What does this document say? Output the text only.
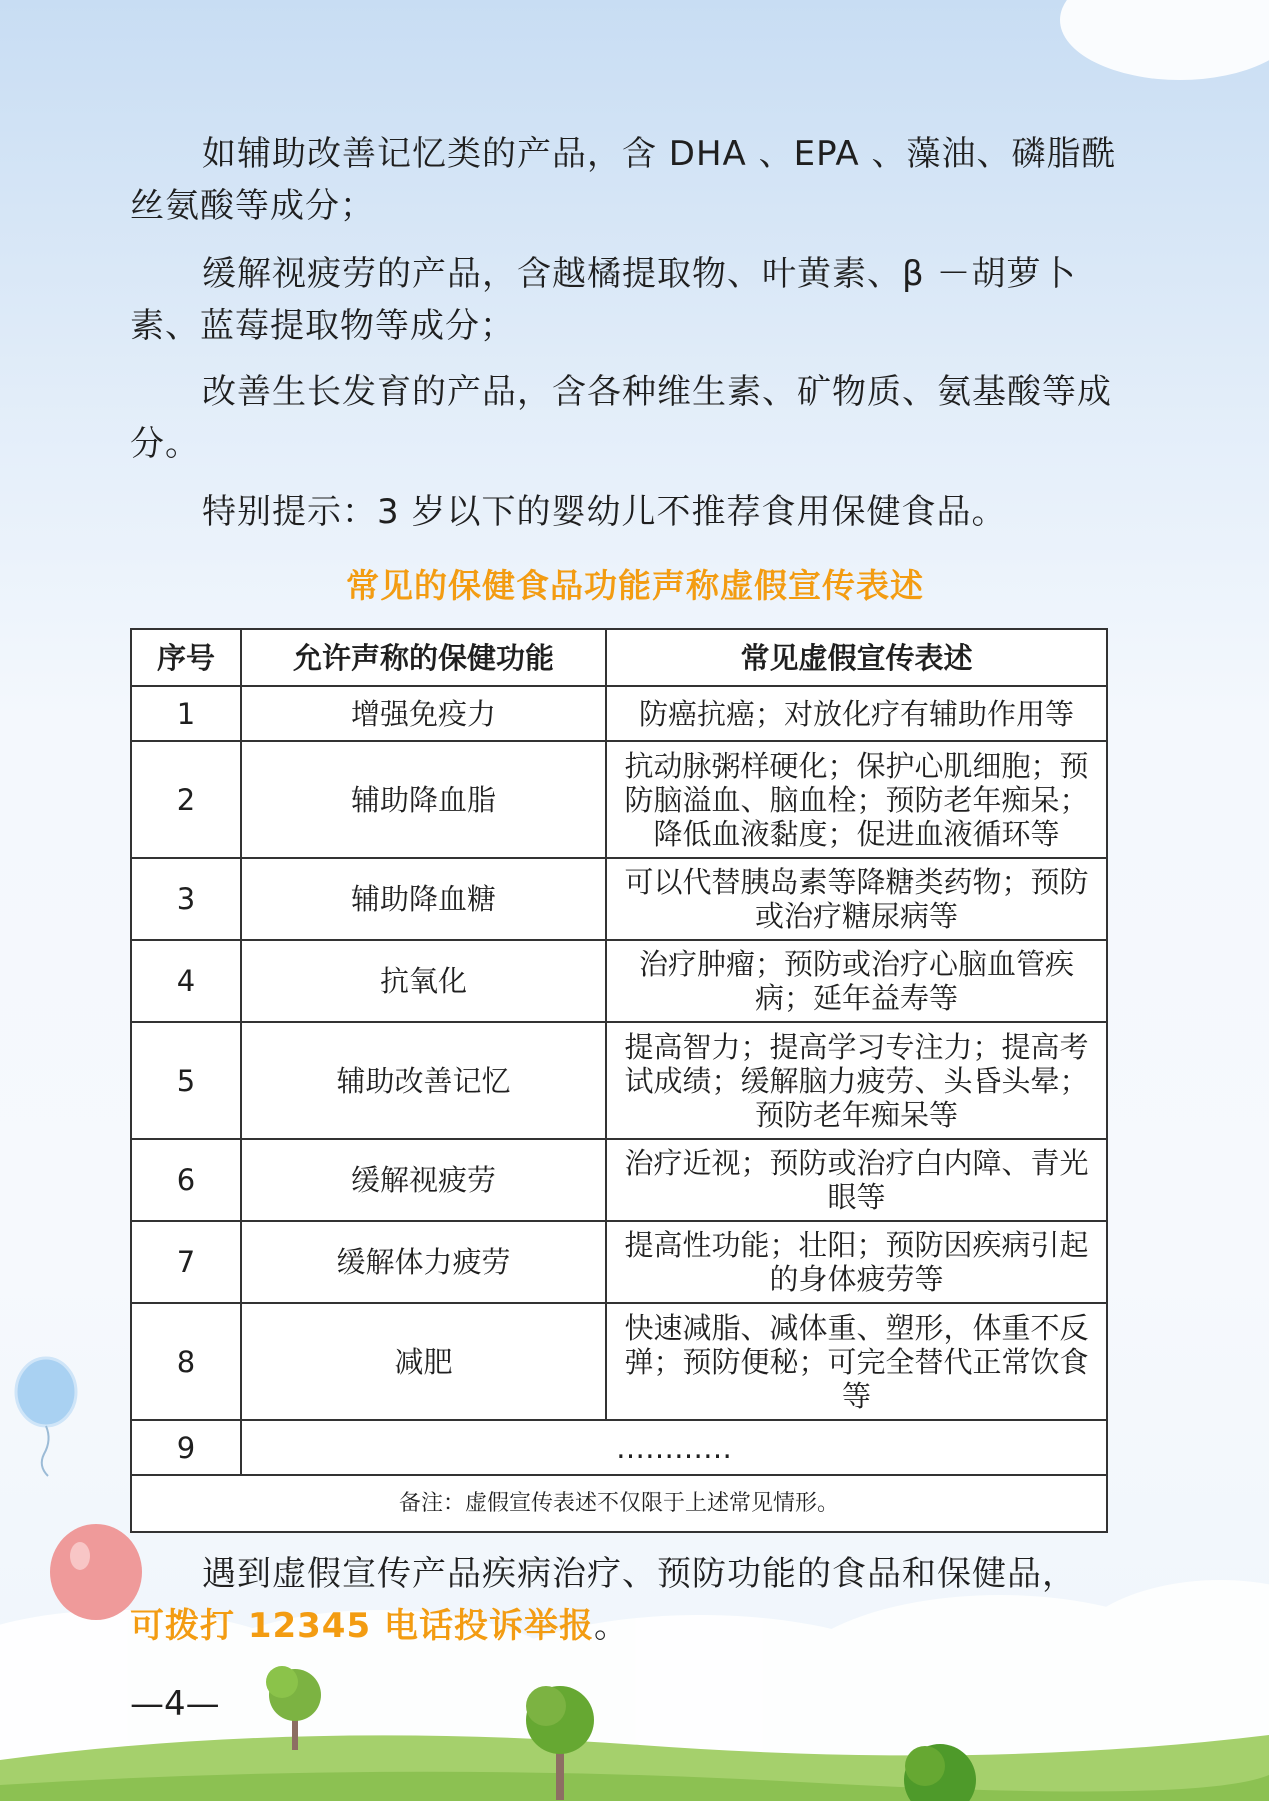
如辅助改善记忆类的产品，含 DHA 、EPA 、藻油、磷脂酰丝氨酸等成分；

缓解视疲劳的产品，含越橘提取物、叶黄素、β －胡萝卜素、蓝莓提取物等成分；

改善生长发育的产品，含各种维生素、矿物质、氨基酸等成分。

特别提示：3 岁以下的婴幼儿不推荐食用保健食品。

常见的保健食品功能声称虚假宣传表述
序号	允许声称的保健功能	常见虚假宣传表述
1	增强免疫力	防癌抗癌；对放化疗有辅助作用等
2	辅助降血脂	抗动脉粥样硬化；保护心肌细胞；预防脑溢血、脑血栓；预防老年痴呆；降低血液黏度；促进血液循环等
3	辅助降血糖	可以代替胰岛素等降糖类药物；预防或治疗糖尿病等
4	抗氧化	治疗肿瘤；预防或治疗心脑血管疾病；延年益寿等
5	辅助改善记忆	提高智力；提高学习专注力；提高考试成绩；缓解脑力疲劳、头昏头晕；预防老年痴呆等
6	缓解视疲劳	治疗近视；预防或治疗白内障、青光眼等
7	缓解体力疲劳	提高性功能；壮阳；预防因疾病引起的身体疲劳等
8	减肥	快速减脂、减体重、塑形，体重不反弹；预防便秘；可完全替代正常饮食等
9	…………	
备注：虚假宣传表述不仅限于上述常见情形。		

遇到虚假宣传产品疾病治疗、预防功能的食品和保健品，
可拨打 12345 电话投诉举报。

—4—
